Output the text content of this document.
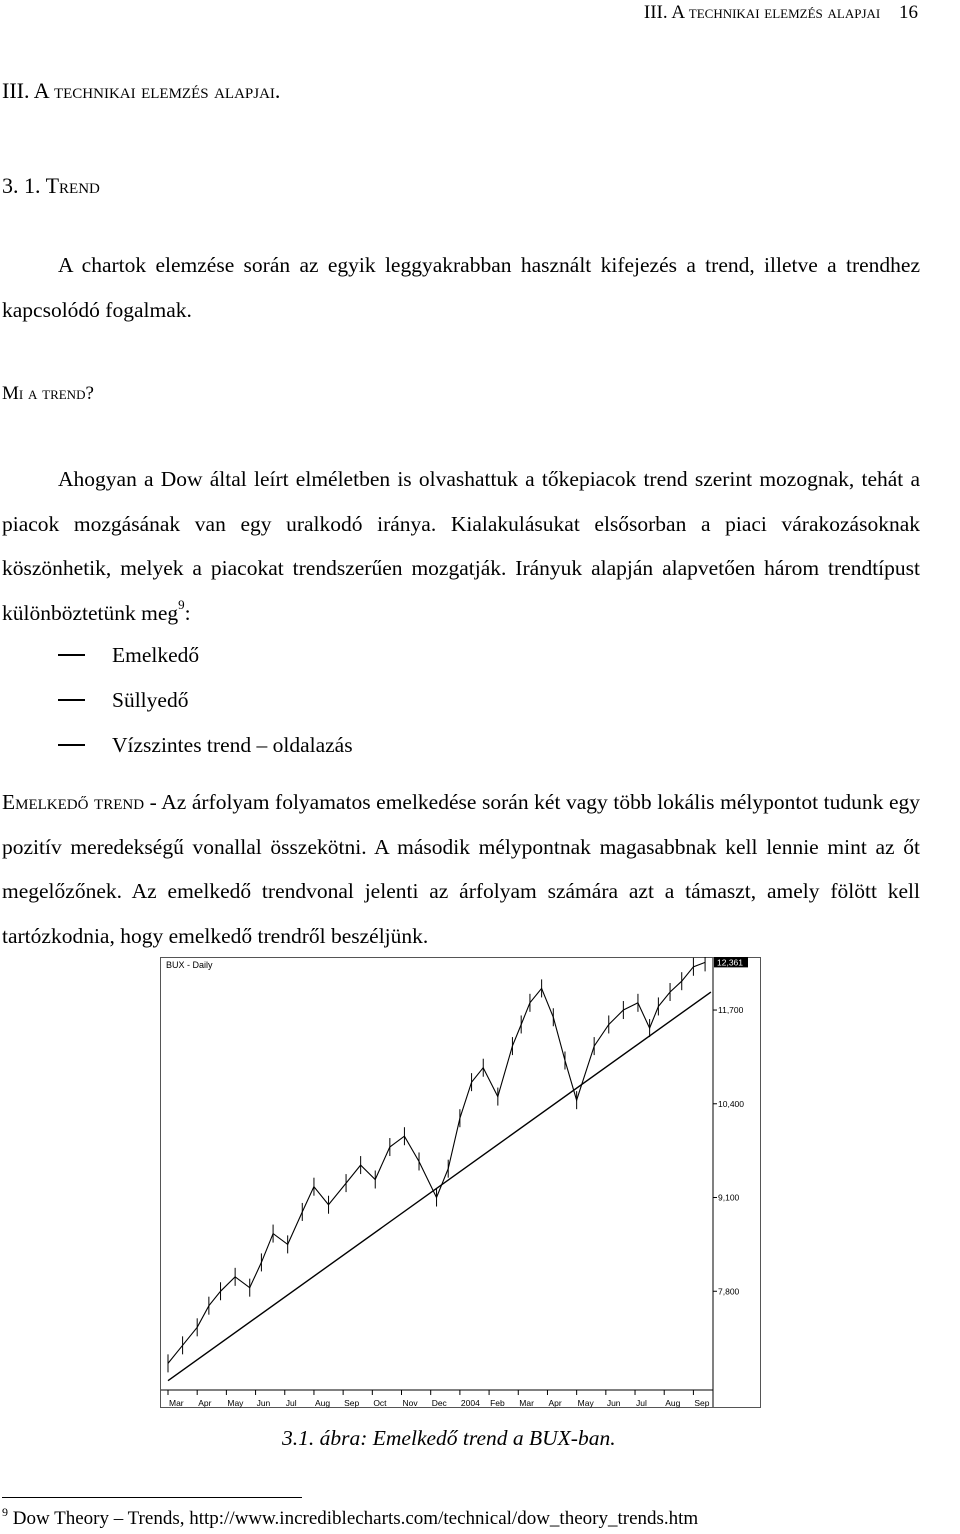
III. A technikai elemzés alapjai 16
III. A technikai elemzés alapjai.
3. 1. Trend
A chartok elemzése során az egyik leggyakrabban használt kifejezés a trend, illetve a trendhez kapcsolódó fogalmak.
Mi a trend?
Ahogyan a Dow által leírt elméletben is olvashattuk a tőkepiacok trend szerint mozognak, tehát a piacok mozgásának van egy uralkodó iránya. Kialakulásukat elsősorban a piaci várakozásoknak köszönhetik, melyek a piacokat trendszerűen mozgatják. Irányuk alapján alapvetően három trendtípust különböztetünk meg$^9$:
Emelkedő
Süllyedő
Vízszintes trend – oldalazás
Emelkedő trend - Az árfolyam folyamatos emelkedése során két vagy több lokális mélypontot tudunk egy pozitív meredekségű vonallal összekötni. A második mélypontnak magasabbnak kell lennie mint az őt megelőzőnek. Az emelkedő trendvonal jelenti az árfolyam számára azt a támaszt, amely fölött kell tartózkodnia, hogy emelkedő trendről beszéljünk.
BUX - Daily
11,700
10,400
9,100
7,800
12,361
Mar Apr May Jun Jul Aug Sep Oct Nov Dec 2004 Feb Mar Apr May Jun Jul Aug Sep
3.1. ábra: Emelkedő trend a BUX-ban.
$^9$ Dow Theory – Trends, http://www.incrediblecharts.com/technical/dow_theory_trends.htm
